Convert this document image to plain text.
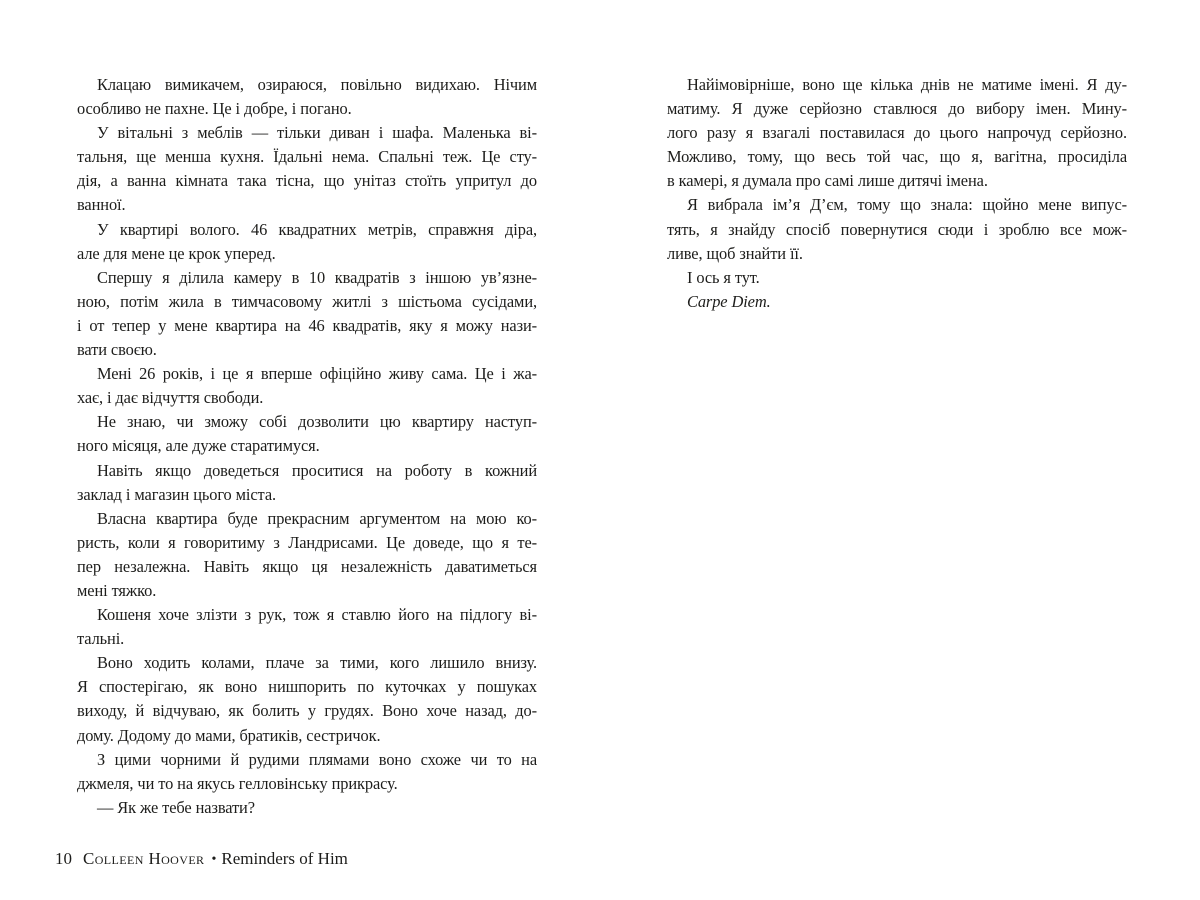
Клацаю вимикачем, озираюся, повільно видихаю. Нічим
особливо не пахне. Це і добре, і погано.
У вітальні з меблів — тільки диван і шафа. Маленька ві-
тальня, ще менша кухня. Їдальні нема. Спальні теж. Це сту-
дія, а ванна кімната така тісна, що унітаз стоїть упритул до
ванної.
У квартирі волого. 46 квадратних метрів, справжня діра,
але для мене це крок уперед.
Спершу я ділила камеру в 10 квадратів з іншою ув’язне-
ною, потім жила в тимчасовому житлі з шістьома сусідами,
і от тепер у мене квартира на 46 квадратів, яку я можу нази-
вати своєю.
Мені 26 років, і це я вперше офіційно живу сама. Це і жа-
хає, і дає відчуття свободи.
Не знаю, чи зможу собі дозволити цю квартиру наступ-
ного місяця, але дуже старатимуся.
Навіть якщо доведеться проситися на роботу в кожний
заклад і магазин цього міста.
Власна квартира буде прекрасним аргументом на мою ко-
ристь, коли я говоритиму з Ландрисами. Це доведе, що я те-
пер незалежна. Навіть якщо ця незалежність даватиметься
мені тяжко.
Кошеня хоче злізти з рук, тож я ставлю його на підлогу ві-
тальні.
Воно ходить колами, плаче за тими, кого лишило внизу.
Я спостерігаю, як воно нишпорить по куточках у пошуках
виходу, й відчуваю, як болить у грудях. Воно хоче назад, до-
дому. Додому до мами, братиків, сестричок.
З цими чорними й рудими плямами воно схоже чи то на
джмеля, чи то на якусь гелловінську прикрасу.
— Як же тебе назвати?
Найімовірніше, воно ще кілька днів не матиме імені. Я ду-
матиму. Я дуже серйозно ставлюся до вибору імен. Мину-
лого разу я взагалі поставилася до цього напрочуд серйозно.
Можливо, тому, що весь той час, що я, вагітна, просиділа
в камері, я думала про самі лише дитячі імена.
Я вибрала ім’я Д’єм, тому що знала: щойно мене випус-
тять, я знайду спосіб повернутися сюди і зроблю все мож-
ливе, щоб знайти її.
І ось я тут.
Carpe Diem.
10 Colleen Hoover • Reminders of Him
